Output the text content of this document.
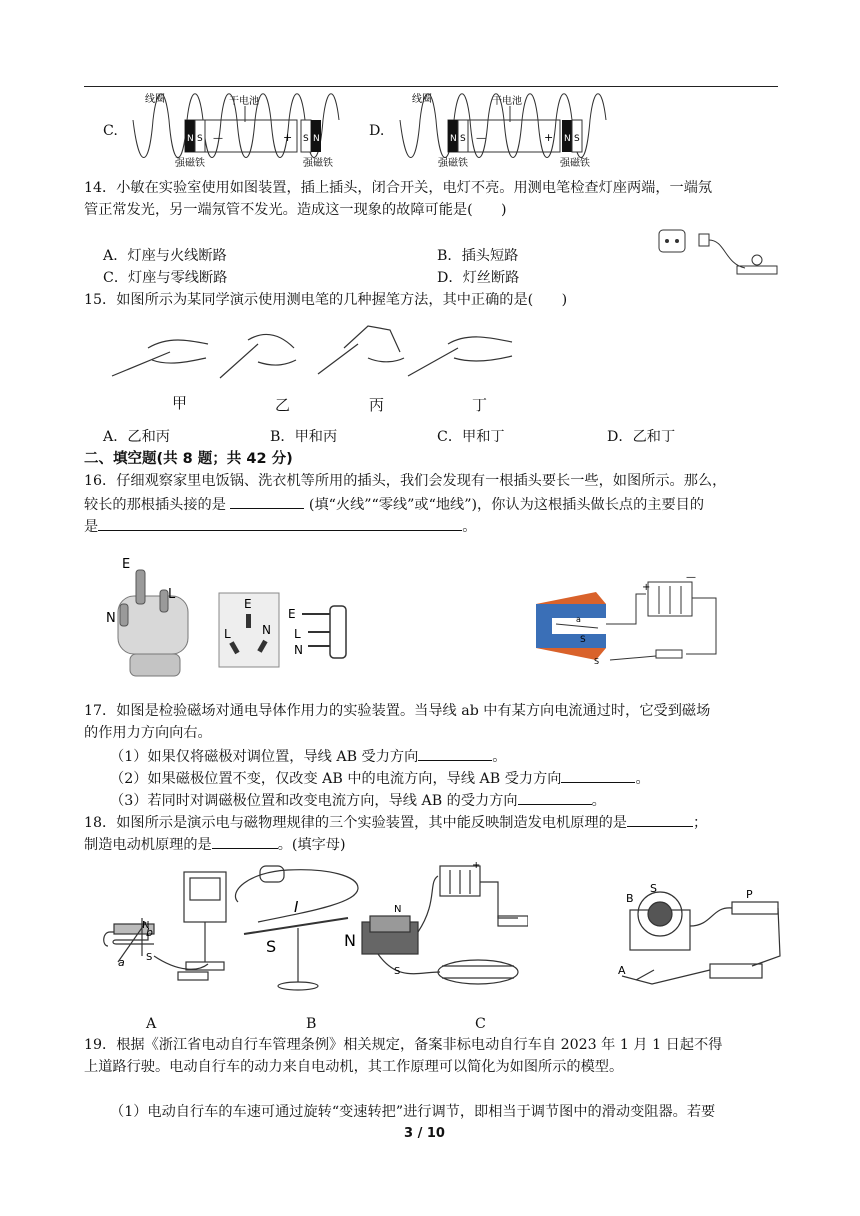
C.
线圈	干电池
N S —	+ S N
强磁铁	强磁铁
D.
线圈	干电池
N S —	+ N S
强磁铁	强磁铁
14．小敏在实验室使用如图装置，插上插头，闭合开关，电灯不亮。用测电笔检查灯座两端，一端氖
管正常发光，另一端氖管不发光。造成这一现象的故障可能是(　　)
A．灯座与火线断路	B．插头短路
C．灯座与零线断路	D．灯丝断路
15．如图所示为某同学演示使用测电笔的几种握笔方法，其中正确的是(　　)
甲	乙	丙	丁
A．乙和丙	B．甲和丙	C．甲和丁	D．乙和丁
二、填空题(共 8 题；共 42 分)
16．仔细观察家里电饭锅、洗衣机等所用的插头，我们会发现有一根插头要长一些，如图所示。那么，
较长的那根插头接的是	(填“火线”“零线”或“地线”)，你认为这根插头做长点的主要目的
是	。
E
L
N
E
L	N
E
L
N
a
S
S
+
—
17．如图是检验磁场对通电导体作用力的实验装置。当导线 ab 中有某方向电流通过时，它受到磁场
的作用力方向向右。
（1）如果仅将磁极对调位置，导线 AB 受力方向	。
（2）如果磁极位置不变，仅改变 AB 中的电流方向，导线 AB 受力方向	。
（3）若同时对调磁极位置和改变电流方向，导线 AB 的受力方向	。
18．如图所示是演示电与磁物理规律的三个实验装置，其中能反映制造发电机原理的是	；
制造电动机原理的是	。(填字母)
b
N
S
a
I
S	N
N
S
+
B
S	P
A
A	B	C
19．根据《浙江省电动自行车管理条例》相关规定，备案非标电动自行车自 2023 年 1 月 1 日起不得
上道路行驶。电动自行车的动力来自电动机，其工作原理可以简化为如图所示的模型。
（1）电动自行车的车速可通过旋转“变速转把”进行调节，即相当于调节图中的滑动变阻器。若要
3 / 10
